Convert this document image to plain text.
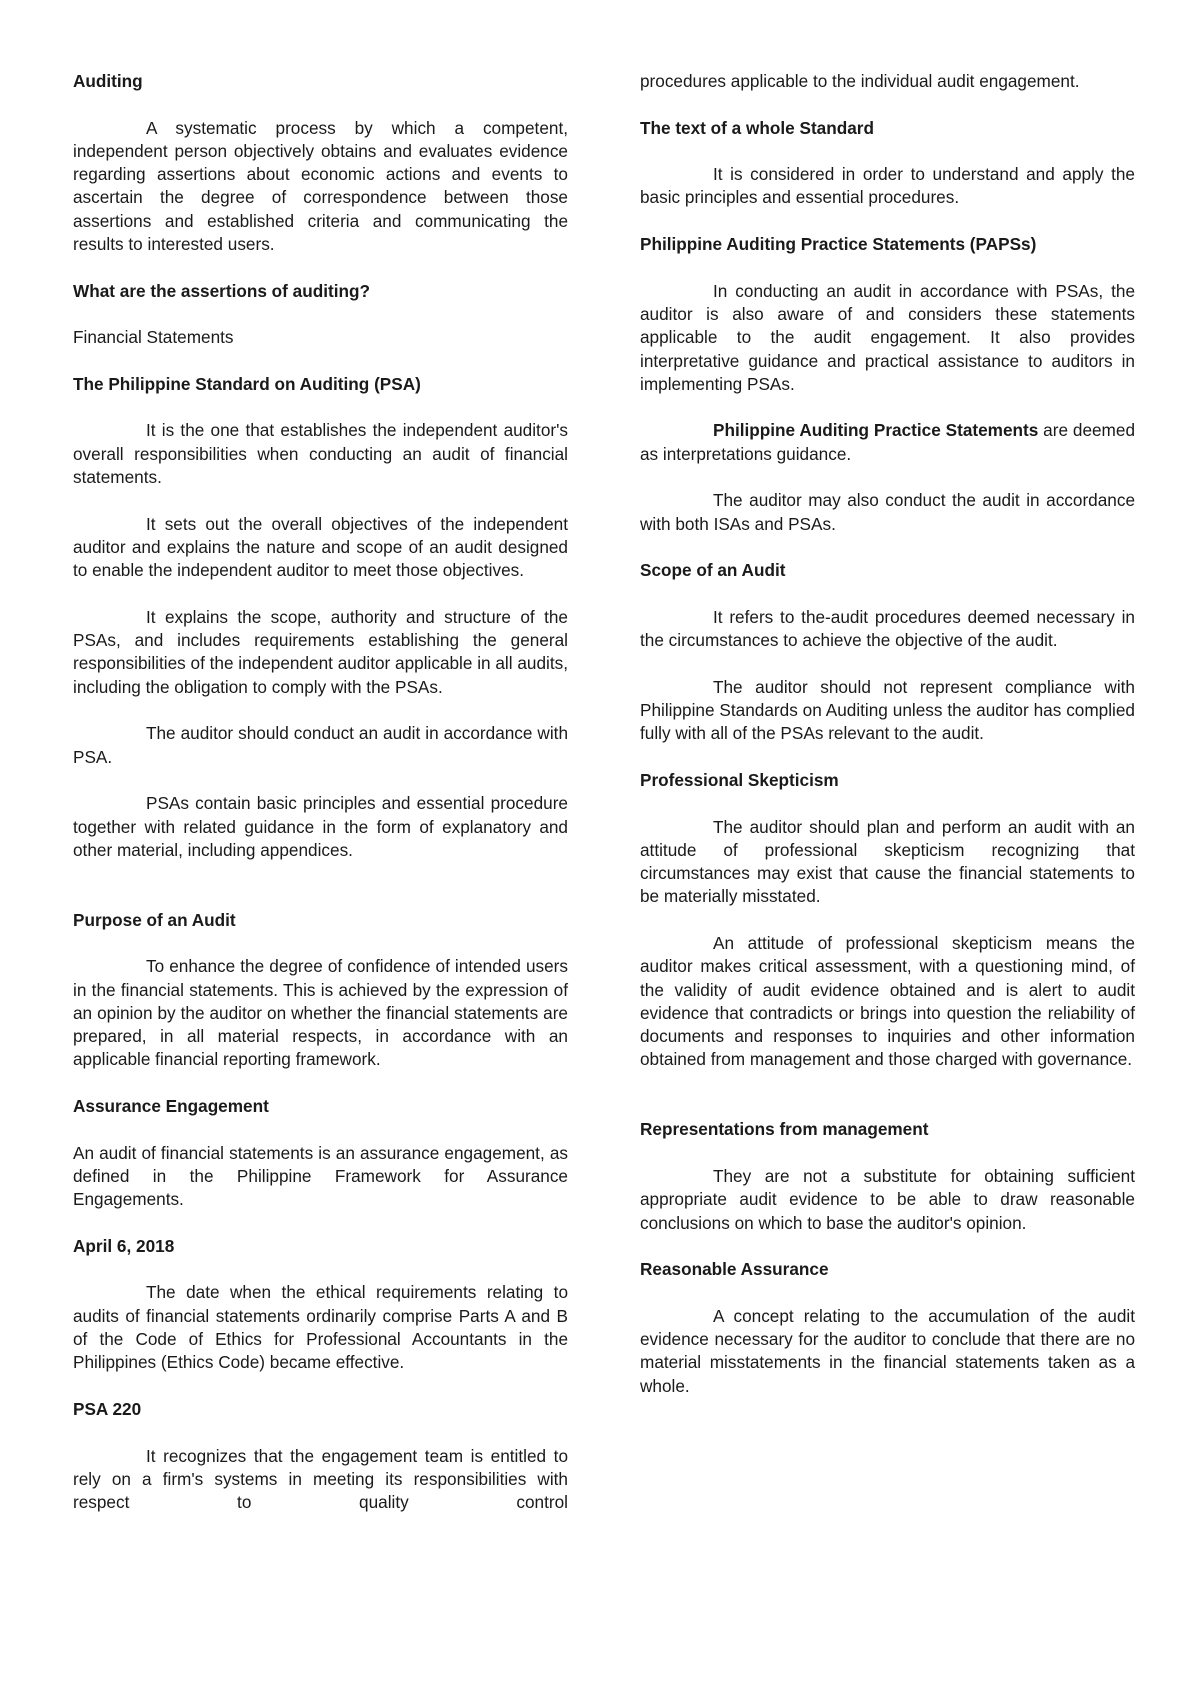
Auditing

A systematic process by which a competent, independent person objectively obtains and evaluates evidence regarding assertions about economic actions and events to ascertain the degree of correspondence between those assertions and established criteria and communicating the results to interested users.

What are the assertions of auditing?

Financial Statements

The Philippine Standard on Auditing (PSA)

It is the one that establishes the independent auditor's overall responsibilities when conducting an audit of financial statements.

It sets out the overall objectives of the independent auditor and explains the nature and scope of an audit designed to enable the independent auditor to meet those objectives.

It explains the scope, authority and structure of the PSAs, and includes requirements establishing the general responsibilities of the independent auditor applicable in all audits, including the obligation to comply with the PSAs.

The auditor should conduct an audit in accordance with PSA.

PSAs contain basic principles and essential procedure together with related guidance in the form of explanatory and other material, including appendices.

Purpose of an Audit

To enhance the degree of confidence of intended users in the financial statements. This is achieved by the expression of an opinion by the auditor on whether the financial statements are prepared, in all material respects, in accordance with an applicable financial reporting framework.

Assurance Engagement

An audit of financial statements is an assurance engagement, as defined in the Philippine Framework for Assurance Engagements.

April 6, 2018

The date when the ethical requirements relating to audits of financial statements ordinarily comprise Parts A and B of the Code of Ethics for Professional Accountants in the Philippines (Ethics Code) became effective.

PSA 220

It recognizes that the engagement team is entitled to rely on a firm's systems in meeting its responsibilities with respect to quality control

procedures applicable to the individual audit engagement.

The text of a whole Standard

It is considered in order to understand and apply the basic principles and essential procedures.

Philippine Auditing Practice Statements (PAPSs)

In conducting an audit in accordance with PSAs, the auditor is also aware of and considers these statements applicable to the audit engagement. It also provides interpretative guidance and practical assistance to auditors in implementing PSAs.

Philippine Auditing Practice Statements are deemed as interpretations guidance.

The auditor may also conduct the audit in accordance with both ISAs and PSAs.

Scope of an Audit

It refers to the-audit procedures deemed necessary in the circumstances to achieve the objective of the audit.

The auditor should not represent compliance with Philippine Standards on Auditing unless the auditor has complied fully with all of the PSAs relevant to the audit.

Professional Skepticism

The auditor should plan and perform an audit with an attitude of professional skepticism recognizing that circumstances may exist that cause the financial statements to be materially misstated.

An attitude of professional skepticism means the auditor makes critical assessment, with a questioning mind, of the validity of audit evidence obtained and is alert to audit evidence that contradicts or brings into question the reliability of documents and responses to inquiries and other information obtained from management and those charged with governance.

Representations from management

They are not a substitute for obtaining sufficient appropriate audit evidence to be able to draw reasonable conclusions on which to base the auditor's opinion.

Reasonable Assurance

A concept relating to the accumulation of the audit evidence necessary for the auditor to conclude that there are no material misstatements in the financial statements taken as a whole.
